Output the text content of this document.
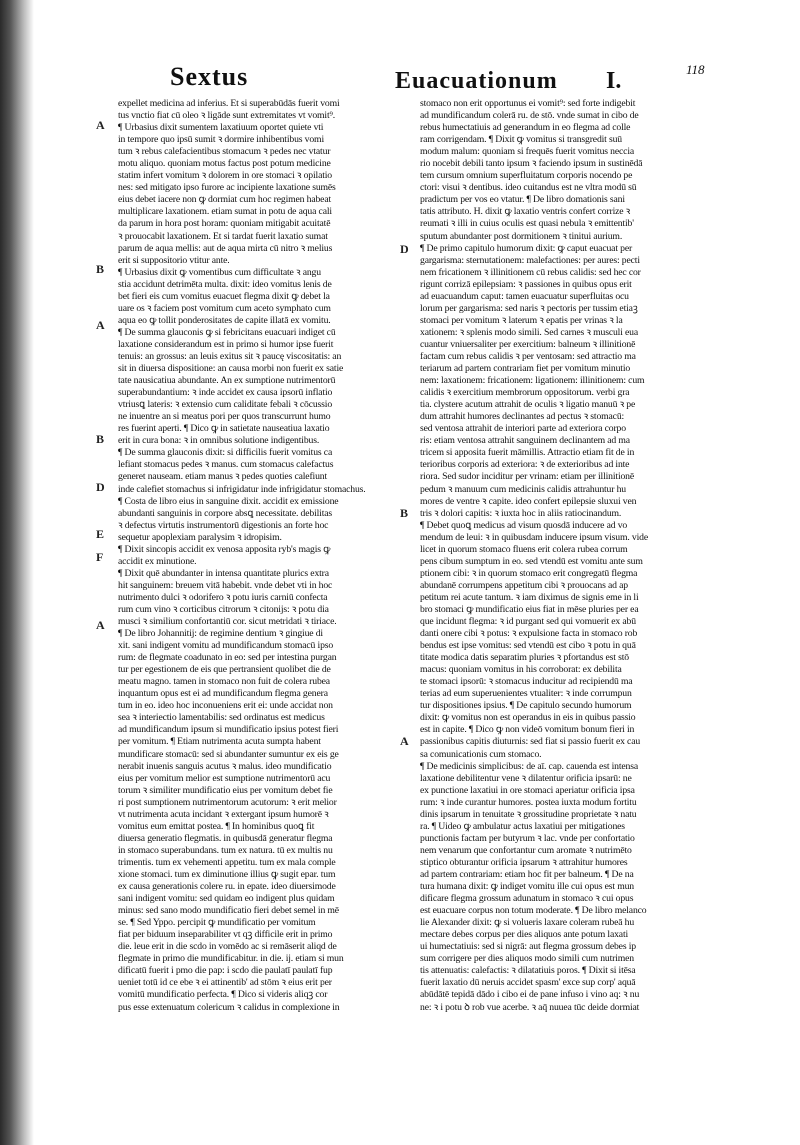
Sextus	Euacuationum I.	118
A
B
A
B
D
E
F
A
D
B
A
expellet medicina ad inferius. Et si superabūdās fuerit vomi
tus vnctio fiat cū oleo ꝛ ligāde sunt extremitates vt vomit⁹.
¶ Urbasius dixit sumentem laxatiuum oportet quiete vti
in tempore quo ipsū sumit ꝛ dormire inhibentibus vomi
tum ꝛ rebus calefacientibus stomacum ꝛ pedes nec vtatur
motu aliquo. quoniam motus factus post potum medicine
statim infert vomitum ꝛ dolorem in ore stomaci ꝛ opilatio
nes: sed mitigato ipso furore ac incipiente laxatione sumēs
eius debet iacere non ꝙ dormiat cum hoc regimen habeat
multiplicare laxationem. etiam sumat in potu de aqua cali
da parum in hora post horam: quoniam mitigabit acuitatē
ꝛ prouocabit laxationem. Et si tardat fuerit laxatio sumat
parum de aqua mellis: aut de aqua mirta cū nitro ꝛ melius
erit si suppositorio vtitur ante.
¶ Urbasius dixit ꝙ vomentibus cum difficultate ꝛ angu
stia accidunt detrimēta multa. dixit: ideo vomitus lenis de
bet fieri eis cum vomitus euacuet flegma dixit ꝙ debet la
uare os ꝛ faciem post vomitum cum aceto symphato cum
aqua eo ꝙ tollit ponderositates de capite illatā ex vomitu.
¶ De summa glauconis ꝙ si febricitans euacuari indiget cū
laxatione considerandum est in primo si humor ipse fuerit
tenuis: an grossus: an leuis exitus sit ꝛ paucę viscositatis: an
sit in diuersa dispositione: an causa morbi non fuerit ex satie
tate nausicatiua abundante. An ex sumptione nutrimentorū
superabundantium: ꝛ inde accidet ex causa ipsorū inflatio
vtriusꝗ lateris: ꝛ extensio cum caliditate febali ꝛ cōcussio
ne inuentre an si meatus pori per quos transcurrunt humo
res fuerint aperti. ¶ Dico ꝙ in satietate nauseatiua laxatio
erit in cura bona: ꝛ in omnibus solutione indigentibus.
¶ De summa glauconis dixit: si difficilis fuerit vomitus ca
lefiant stomacus pedes ꝛ manus. cum stomacus calefactus
generet nauseam. etiam manus ꝛ pedes quoties calefiunt
inde calefiet stomachus si infrigidatur inde infrigidatur stomachus.
¶ Costa de libro eius in sanguine dixit. accidit ex emissione
abundanti sanguinis in corpore absꝗ necessitate. debilitas
ꝛ defectus virtutis instrumentorū digestionis an forte hoc
sequetur apoplexiam paralysim ꝛ idropisim.
¶ Dixit sincopis accidit ex venosa apposita ryb's magis ꝙ
accidit ex minutione.
¶ Dixit quē abundanter in intensa quantitate plurics extra
hit sanguinem: breuem vitā habebit. vnde debet vti in hoc
nutrimento dulci ꝛ odorifero ꝛ potu iuris carniū confecta
rum cum vino ꝛ corticibus citrorum ꝛ citonijs: ꝛ potu dia
musci ꝛ similium confortantiū cor. sicut metridati ꝛ tiriace.
¶ De libro Johannitij: de regimine dentium ꝛ gingiue di
xit. sani indigent vomitu ad mundificandum stomacū ipso
rum: de flegmate coadunato in eo: sed per intestina purgan
tur per egestionem de eis que pertransient quolibet die de
meatu magno. tamen in stomaco non fuit de colera rubea
inquantum opus est ei ad mundificandum flegma genera
tum in eo. ideo hoc inconueniens erit ei: unde accidat non
sea ꝛ interiectio lamentabilis: sed ordinatus est medicus
ad mundificandum ipsum si mundificatio ipsius potest fieri
per vomitum. ¶ Etiam nutrimenta acuta sumpta habent
mundificare stomacū: sed si abundanter sumuntur ex eis ge
nerabit inuenis sanguis acutus ꝛ malus. ideo mundificatio
eius per vomitum melior est sumptione nutrimentorū acu
torum ꝛ similiter mundificatio eius per vomitum debet fie
ri post sumptionem nutrimentorum acutorum: ꝛ erit melior
vt nutrimenta acuta incidant ꝛ extergant ipsum humorē ꝛ
vomitus eum emittat postea. ¶ In hominibus quoꝗ fit
diuersa generatio flegmatis. in quibusdā generatur flegma
in stomaco superabundans. tum ex natura. tū ex multis nu
trimentis. tum ex vehementi appetitu. tum ex mala comple
xione stomaci. tum ex diminutione illius ꝙ sugit epar. tum
ex causa generationis colere ru. in epate. ideo diuersimode
sani indigent vomitu: sed quidam eo indigent plus quidam
minus: sed sano modo mundificatio fieri debet semel in mē
se. ¶ Sed Yppo. percipit ꝙ mundificatio per vomitum
fiat per biduum inseparabiliter vt qꝫ difficile erit in primo
die. leue erit in die scdo in vomēdo ac si remāserit aliqd de
flegmate in primo die mundificabitur. in die. ij. etiam si mun
dificatū fuerit i pmo die pap: i scdo die paulatī paulatī fup
ueniet totū id ce ebe ꝛ ei attinentib' ad stōm ꝛ eius erit per
vomitū mundificatio perfecta. ¶ Dico si videris aliqꝫ cor
pus esse extenuatum colericum ꝛ calidus in complexione in
stomaco non erit opportunus ei vomit⁹: sed forte indigebit
ad mundificandum colerā ru. de stō. vnde sumat in cibo de
rebus humectatiuis ad generandum in eo flegma ad colle
ram corrigendam. ¶ Dixit ꝙ vomitus si transgredit suū
modum malum: quoniam si frequēs fuerit vomitus neccia
rio nocebit debili tanto ipsum ꝛ faciendo ipsum in sustinēdā
tem cursum omnium superfluitatum corporis nocendo pe
ctori: visui ꝛ dentibus. ideo cuitandus est ne vltra modū sū
pradictum per vos eo vtatur. ¶ De libro domationis sani
tatis attributo. H. dixit ꝙ laxatio ventris confert corrize ꝛ
reumati ꝛ illi in cuius oculis est quasi nebula ꝛ emittentib'
sputum abundanter post dormitionem ꝛ tinitui aurium.
¶ De primo capitulo humorum dixit: ꝙ caput euacuat per
gargarisma: sternutationem: malefactiones: per aures: pecti
nem fricationem ꝛ illinitionem cū rebus calidis: sed hec cor
rigunt corrizā epilepsiam: ꝛ passiones in quibus opus erit
ad euacuandum caput: tamen euacuatur superfluitas ocu
lorum per gargarisma: sed naris ꝛ pectoris per tussim etiaꝫ
stomaci per vomitum ꝛ laterum ꝛ epatis per vrinas ꝛ la
xationem: ꝛ splenis modo simili. Sed carnes ꝛ musculi eua
cuantur vniuersaliter per exercitium: balneum ꝛ illinitionē
factam cum rebus calidis ꝛ per ventosam: sed attractio ma
teriarum ad partem contrariam fiet per vomitum minutio
nem: laxationem: fricationem: ligationem: illinitionem: cum
calidis ꝛ exercitium membrorum oppositorum. verbi gra
tia. clystere acutum attrahit de oculis ꝛ ligatio manuū ꝛ pe
dum attrahit humores declinantes ad pectus ꝛ stomacū:
sed ventosa attrahit de interiori parte ad exteriora corpo
ris: etiam ventosa attrahit sanguinem declinantem ad ma
tricem si apposita fuerit māmillis. Attractio etiam fit de in
terioribus corporis ad exteriora: ꝛ de exterioribus ad inte
riora. Sed sudor inciditur per vrinam: etiam per illinitionē
pedum ꝛ manuum cum medicinis calidis attrahuntur hu
mores de ventre ꝛ capite. ideo confert epilepsie sluxui ven
tris ꝛ dolori capitis: ꝛ iuxta hoc in aliis ratiocinandum.
¶ Debet quoꝗ medicus ad visum quosdā inducere ad vo
mendum de leui: ꝛ in quibusdam inducere ipsum visum. vide
licet in quorum stomaco fluens erit colera rubea corrum
pens cibum sumptum in eo. sed vtendū est vomitu ante sum
ptionem cibi: ꝛ in quorum stomaco erit congregatū flegma
abundanē corrumpens appetitum cibi ꝛ prouocans ad ap
petitum rei acute tantum. ꝛ iam diximus de signis eme in li
bro stomaci ꝙ mundificatio eius fiat in mēse pluries per ea
que incidunt flegma: ꝛ id purgant sed qui vomuerit ex abū
danti onere cibi ꝛ potus: ꝛ expulsione facta in stomaco rob
bendus est ipse vomitus: sed vtendū est cibo ꝛ potu in quā
titate modica datis separatim pluries ꝛ pfortandus est stō
macus: quoniam vomitus in his corroborat: ex debilita
te stomaci ipsorū: ꝛ stomacus inducitur ad recipiendū ma
terias ad eum superuenientes vtualiter: ꝛ inde corrumpun
tur dispositiones ipsius. ¶ De capitulo secundo humorum
dixit: ꝙ vomitus non est operandus in eis in quibus passio
est in capite. ¶ Dico ꝙ non videō vomitum bonum fieri in
passionibus capitis diuturnis: sed fiat si passio fuerit ex cau
sa comunicationis cum stomaco.
¶ De medicinis simplicibus: de aī. cap. cauenda est intensa
laxatione debilitentur vene ꝛ dilatentur orificia ipsarū: ne
ex punctione laxatiui in ore stomaci aperiatur orificia ipsa
rum: ꝛ inde curantur humores. postea iuxta modum fortitu
dinis ipsarum in tenuitate ꝛ grossitudine proprietate ꝛ natu
ra. ¶ Uideo ꝙ ambulatur actus laxatiui per mitigationes
punctionis factam per butyrum ꝛ lac. vnde per confortatio
nem venarum que confortantur cum aromate ꝛ nutrimēto
stiptico obturantur orificia ipsarum ꝛ attrahitur humores
ad partem contrariam: etiam hoc fit per balneum. ¶ De na
tura humana dixit: ꝙ indiget vomitu ille cui opus est mun
dificare flegma grossum adunatum in stomaco ꝛ cui opus
est euacuare corpus non totum moderate. ¶ De libro melanco
lie Alexander dixit: ꝙ si volueris laxare coleram rubeā hu
mectare debes corpus per dies aliquos ante potum laxati
ui humectatiuis: sed si nigrā: aut flegma grossum debes ip
sum corrigere per dies aliquos modo simili cum nutrimen
tis attenuatis: calefactis: ꝛ dilatatiuis poros. ¶ Dixit si itēsa
fuerit laxatio dū neruis accidet spasm' exce sup corp' aquā
abūdātē tepidā dādo i cibo ei de pane infuso i vino aq: ꝛ nu
ne: ꝛ i potu ꝺ rob vue acerbe. ꝛ aq̄ nuuea tūc deide dormiat
